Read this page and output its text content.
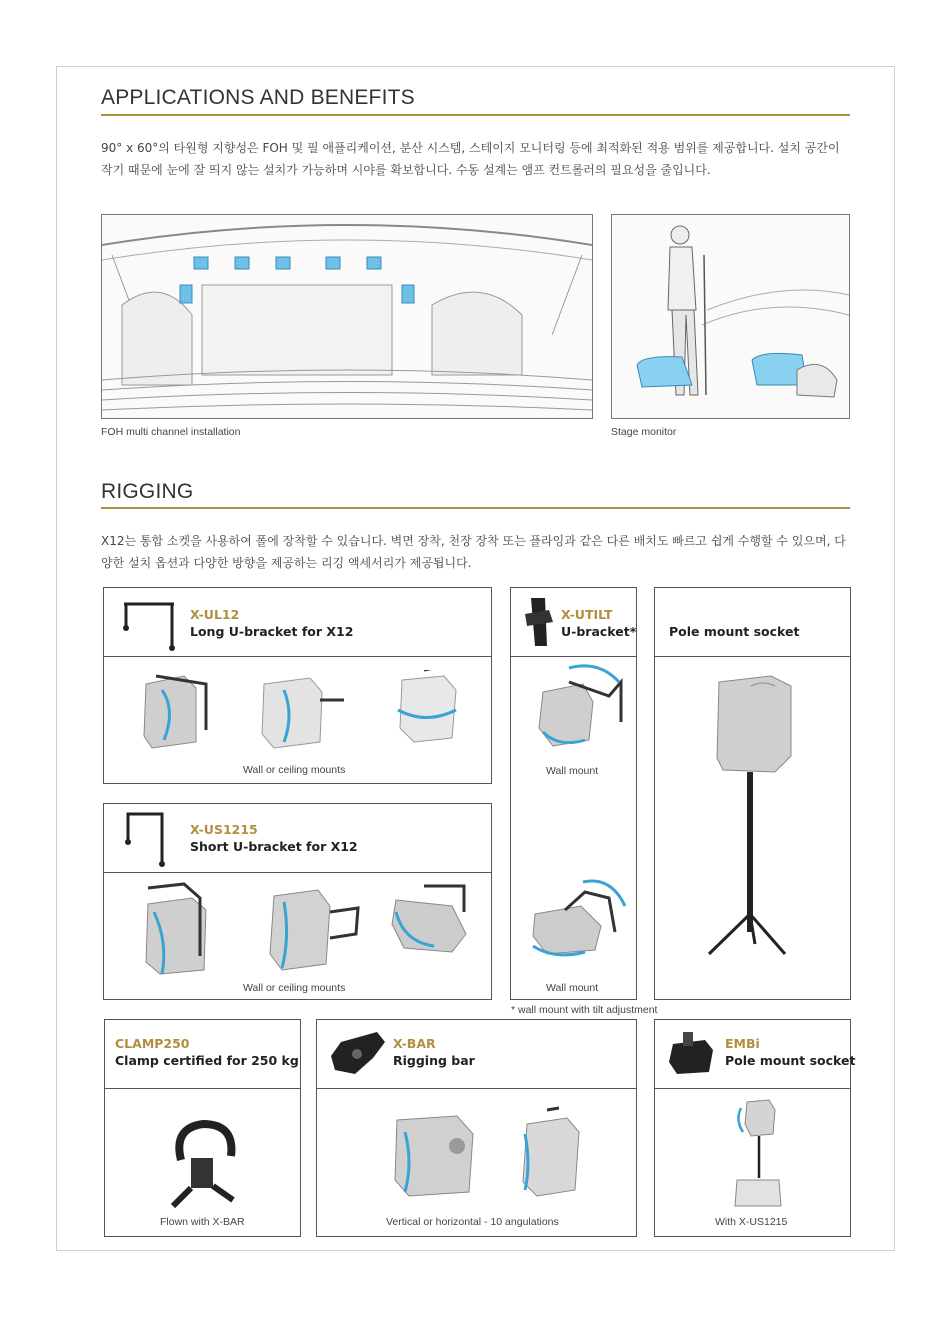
APPLICATIONS AND BENEFITS
90° x 60°의 타원형 지향성은 FOH 및 필 애플리케이션, 분산 시스템, 스테이지 모니터링 등에 최적화된 적용 범위를 제공합니다. 설치 공간이 작기 때문에 눈에 잘 띄지 않는 설치가 가능하며 시야를 확보합니다. 수동 설계는 앰프 컨트롤러의 필요성을 줄입니다.
FOH multi channel installation	Stage monitor
RIGGING
X12는 통합 소켓을 사용하여 폴에 장착할 수 있습니다. 벽면 장착, 천장 장착 또는 플라잉과 같은 다른 배치도 빠르고 쉽게 수행할 수 있으며, 다양한 설치 옵션과 다양한 방향을 제공하는 리깅 액세서리가 제공됩니다.
X-UL12
Long U-bracket for X12
Wall or ceiling mounts
X-US1215
Short U-bracket for X12
Wall or ceiling mounts
X-UTILT
U-bracket*
Wall mount
Wall mount
Pole mount socket
* wall mount with tilt adjustment
CLAMP250
Clamp certified for 250 kg
Flown with X-BAR
X-BAR
Rigging bar
Vertical or horizontal - 10 angulations
EMBi
Pole mount socket
With X-US1215
